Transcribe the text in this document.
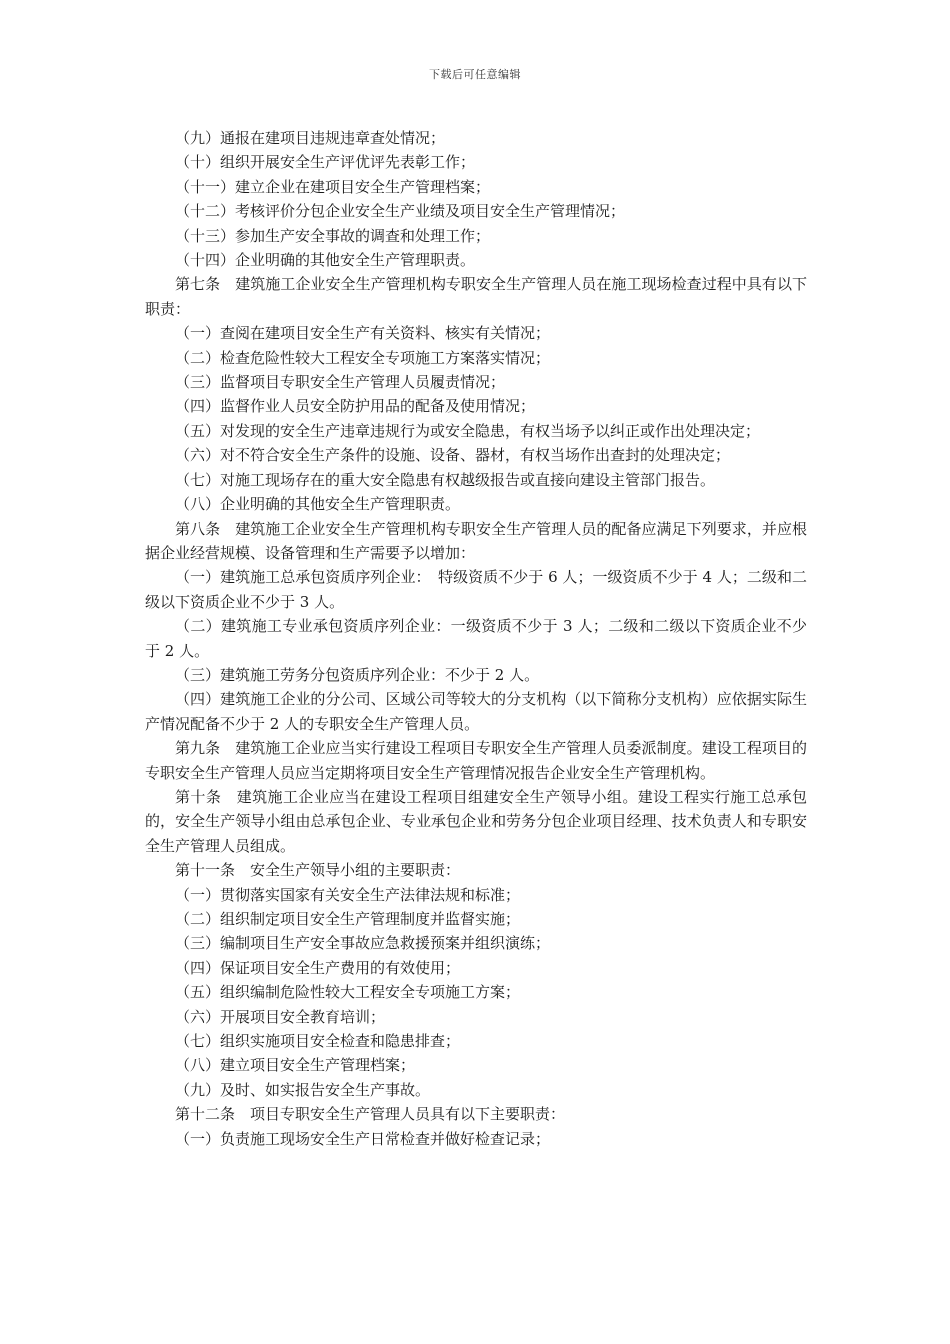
下载后可任意编辑

（九）通报在建项目违规违章查处情况；

（十）组织开展安全生产评优评先表彰工作；

（十一）建立企业在建项目安全生产管理档案；

（十二）考核评价分包企业安全生产业绩及项目安全生产管理情况；

（十三）参加生产安全事故的调查和处理工作；

（十四）企业明确的其他安全生产管理职责。

第七条　建筑施工企业安全生产管理机构专职安全生产管理人员在施工现场检查过程中具有以下职责：

（一）查阅在建项目安全生产有关资料、核实有关情况；

（二）检查危险性较大工程安全专项施工方案落实情况；

（三）监督项目专职安全生产管理人员履责情况；

（四）监督作业人员安全防护用品的配备及使用情况；

（五）对发现的安全生产违章违规行为或安全隐患，有权当场予以纠正或作出处理决定；

（六）对不符合安全生产条件的设施、设备、器材，有权当场作出查封的处理决定；

（七）对施工现场存在的重大安全隐患有权越级报告或直接向建设主管部门报告。

（八）企业明确的其他安全生产管理职责。

第八条　建筑施工企业安全生产管理机构专职安全生产管理人员的配备应满足下列要求，并应根据企业经营规模、设备管理和生产需要予以增加：

（一）建筑施工总承包资质序列企业：　特级资质不少于 6 人；一级资质不少于 4 人；二级和二级以下资质企业不少于 3 人。

（二）建筑施工专业承包资质序列企业：一级资质不少于 3 人；二级和二级以下资质企业不少于 2 人。

（三）建筑施工劳务分包资质序列企业：不少于 2 人。

（四）建筑施工企业的分公司、区域公司等较大的分支机构（以下简称分支机构）应依据实际生产情况配备不少于 2 人的专职安全生产管理人员。

第九条　建筑施工企业应当实行建设工程项目专职安全生产管理人员委派制度。建设工程项目的专职安全生产管理人员应当定期将项目安全生产管理情况报告企业安全生产管理机构。

第十条　建筑施工企业应当在建设工程项目组建安全生产领导小组。建设工程实行施工总承包的，安全生产领导小组由总承包企业、专业承包企业和劳务分包企业项目经理、技术负责人和专职安全生产管理人员组成。

第十一条　安全生产领导小组的主要职责：

（一）贯彻落实国家有关安全生产法律法规和标准；

（二）组织制定项目安全生产管理制度并监督实施；

（三）编制项目生产安全事故应急救援预案并组织演练；

（四）保证项目安全生产费用的有效使用；

（五）组织编制危险性较大工程安全专项施工方案；

（六）开展项目安全教育培训；

（七）组织实施项目安全检查和隐患排查；

（八）建立项目安全生产管理档案；

（九）及时、如实报告安全生产事故。

第十二条　项目专职安全生产管理人员具有以下主要职责：

（一）负责施工现场安全生产日常检查并做好检查记录；
